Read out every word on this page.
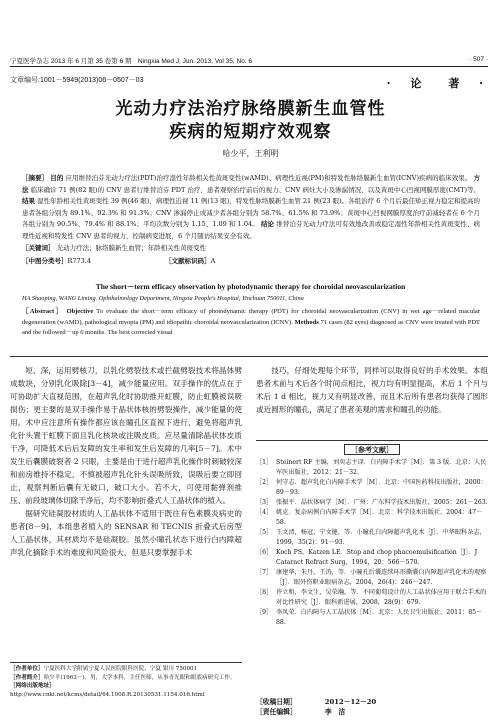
宁夏医学杂志 2013 年 6 月第 35 卷第 6 期　Ningxia Med J, Jun. 2013, Vol 35, No. 6	· 507 ·
文章编号:1001－5949(2013)06－0507－03	· 论　著 ·
光动力疗法治疗脉络膜新生血管性
疾病的短期疗效观察
哈少平，王利明
［摘要］ 目的 应用维替泊芬光动力疗法(PDT)治疗湿性年龄相关性黄斑变性(wAMD)、病理性近视(PM)和特发性脉络膜新生血管(ICNV)疾病的临床效果。 方法 临床确诊 71 例(82 眼)的 CNV 患者行维替泊芬 PDT 治疗，患者观察治疗前后的视力、CNV 病灶大小及渗漏情况，以及黄斑中心凹视网膜厚度(CMT)等。 结果 湿性年龄相关性黄斑变性 39 例(46 眼)，病理性近视 11 例(13 眼)，特发性脉络膜新生血管 21 例(23 眼)。各组治疗 6 个月后最佳矫正视力稳定和提高的患者各组分别为 89.1%、92.3% 和 91.3%；CNV 渗漏停止或减少者各组分别为 58.7%、61.5% 和 73.9%；黄斑中心凹视网膜厚度治疗前减轻者在 6 个月各组分别为 90.5%、79.4% 和 88.1%；平均次数分别为 1.15、1.09 和 1.04。 结论 维替泊芬光动力疗法可有效地改善或稳定湿性年龄相关性黄斑变性、病理性近视和特发性 CNV 患者的视力，控制病变进展，6 个月随访结果安全有效。
［关键词］ 光动力疗法；脉络膜新生血管；年龄相关性黄斑变性
［中图分类号］R773.4	［文献标识码］A
The short－term efficacy observation by photodynamic therapy for choroidal neovascularization
HA Shaoping, WANG Liming. Ophthalmology Department, Ningxia People's Hospital, Yinchuan 750011, China
［Abstract］ Objective To evaluate the short－term efficacy of photodynamic therapy (PDT) for choroidal neovascularization (CNV) in wet age－related macular degeneration (wAMD), pathological myopia (PM) and idiopathic choroidal neovascularization (ICNV). Methods 71 cases (82 eyes) diagnosed as CNV were treated with PDT and the followed－up 6 months. The best corrected visual

短、深，运用劈核刀，以乳化劈裂技术或拦截劈裂技术将晶体劈成数块，分别乳化吸除[3－4]，减少能量应用。双手操作的优点在于可协助扩大直视范围，在超声乳化时协助推开虹膜，防止虹膜被误吸损伤；更主要的是双手操作易于晶状体核的劈裂操作，减少能量的使用。术中应注意所有操作都应该在瞳孔区直视下进行，避免将超声乳化针头置于虹膜下面且乳化核块或注吸皮质。应尽量清除晶状体皮质干净，可降低术后后发障的发生率和发生后发障的几率[5－7]。术中发生后囊膜破裂者 2 只眼，主要是由于进行超声乳化操作时刺破较深和前房维持不稳定，不慎被超声乳化针头误吸所致，误吸后要立即回止，观察判断后囊有无破口，破口大小。若不大，可使用黏弹剂推压、前段玻璃体切除干净后，均不影响折叠式人工晶状体的植入。

据研究硅凝胶材质的人工晶状体不适用于既往有色素膜炎病史的患者[8－9]，本组患者植入的 SENSAR 和 TECNIS 折叠式后房型人工晶状体，其材质均不是硅凝胶。虽然小瞳孔状态下进行白内障超声乳化摘除手术的难度和风险很大，但是只要掌握手术

技巧，仔细处理每个环节，同样可以取得良好的手术效果。本组患者术前与术后各个时间点相比，视力均有明显提高，术后 1 个月与术后 1 d 相比，视力又有明显改善，而且术后所有患者均获得了圆形或近圆形的瞳孔，满足了患者美观的需求和瞳孔的功能。

［参考文献］
［1］ Steinert RF 主编，刘奕志主译．白内障手术学［M］．第 3 版．北京：人民军医出版社，2012：21－32.
［2］ 何守志．超声乳化白内障手术学［M］．北京：中国医药科技出版社，2000：89－93.
［3］ 张振平．晶状体病学［M］．广州：广东科学技术出版社，2005：261－263.
［4］ 姚克．复杂病例白内障手术学［M］．北京：科学技术出版社，2004：47－58.
［5］ 王文清，杨冠，宁文健，等．小瞳孔白内障超声乳化术［J］．中华眼科杂志，1999，35(2)：91－93.
［6］ Koch PS，Katzen LE．Stop and chop phacoemulsification［J］．J Cataract Refract Surg，1994，20：566－570.
［7］ 康建华，朱丹，王涛，等．小瞳孔后囊连续环形撕囊白内障超声乳化术的观察［J］．眼外伤职业眼病杂志，2004，26(4)：246－247.
［8］ 许立和，李文生，吴荣瀚，等．不同葡萄设计的人工晶状体应用于联合手术的对比性研究［J］．眼科新进展，2008，28(9)：679.
［9］ 李凤荣．白内障与人工晶状体［M］．北京：人民卫生出版社，2011：85－88.
［作者单位］宁夏医科大学附属宁夏人民医院眼科医院，宁夏 银川 750001
［作者简介］哈少平(1963－)，男，大学本科，主任医师，从事青光眼和眼底病研究工作。
［网络出版地址］http://www.cnki.net/kcms/detail/64.1008.R.20130531.1154.016.html
［收稿日期］	2012－12－20 ［责任编辑］	李　洁
